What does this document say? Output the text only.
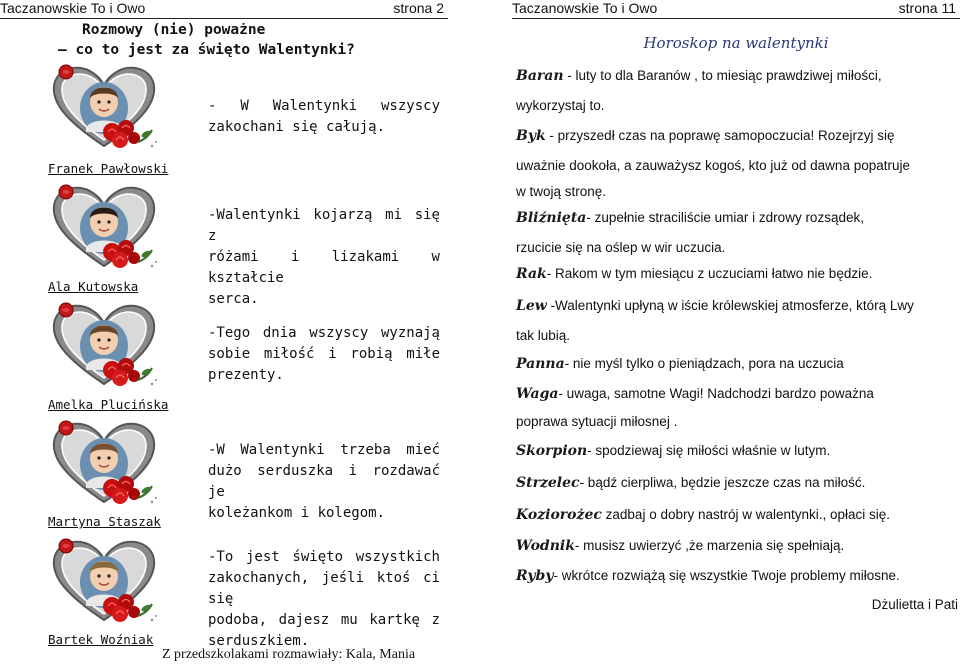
Taczanowskie To i Owo	strona 2
Rozmowy (nie) poważne
– co to jest za święto Walentynki?
Franek Pawłowski
Ala Kutowska
Amelka Plucińska
Martyna Staszak
Bartek Woźniak
- W Walentynki wszyscy
zakochani się całują.
-Walentynki kojarzą mi się z
różami i lizakami w kształcie
serca.
-Tego dnia wszyscy wyznają
sobie miłość i robią miłe
prezenty.
-W Walentynki trzeba mieć
dużo serduszka i rozdawać je
koleżankom i kolegom.
-To jest święto wszystkich
zakochanych, jeśli ktoś ci się
podoba, dajesz mu kartkę z
serduszkiem.
Z przedszkolakami rozmawiały: Kala, Mania
Taczanowskie To i Owo	strona 11
Horoskop na walentynki
Baran - luty to dla Baranów , to miesiąc prawdziwej miłości,
wykorzystaj to.
Byk - przyszedł czas na poprawę samopoczucia! Rozejrzyj się
uważnie dookoła, a zauważysz kogoś, kto już od dawna popatruje
w twoją stronę.
Bliźnięta- zupełnie straciliście umiar i zdrowy rozsądek,
rzucicie się na oślep w wir uczucia.
Rak- Rakom w tym miesiącu z uczuciami łatwo nie będzie.
Lew -Walentynki upłyną w iście królewskiej atmosferze, którą Lwy
tak lubią.
Panna- nie myśl tylko o pieniądzach, pora na uczucia
Waga- uwaga, samotne Wagi! Nadchodzi bardzo poważna
poprawa sytuacji miłosnej .
Skorpion- spodziewaj się miłości właśnie w lutym.
Strzelec- bądź cierpliwa, będzie jeszcze czas na miłość.
Koziorożec zadbaj o dobry nastrój w walentynki., opłaci się.
Wodnik- musisz uwierzyć ,że marzenia się spełniają.
Ryby- wkrótce rozwiążą się wszystkie Twoje problemy miłosne.
Dżulietta i Pati
